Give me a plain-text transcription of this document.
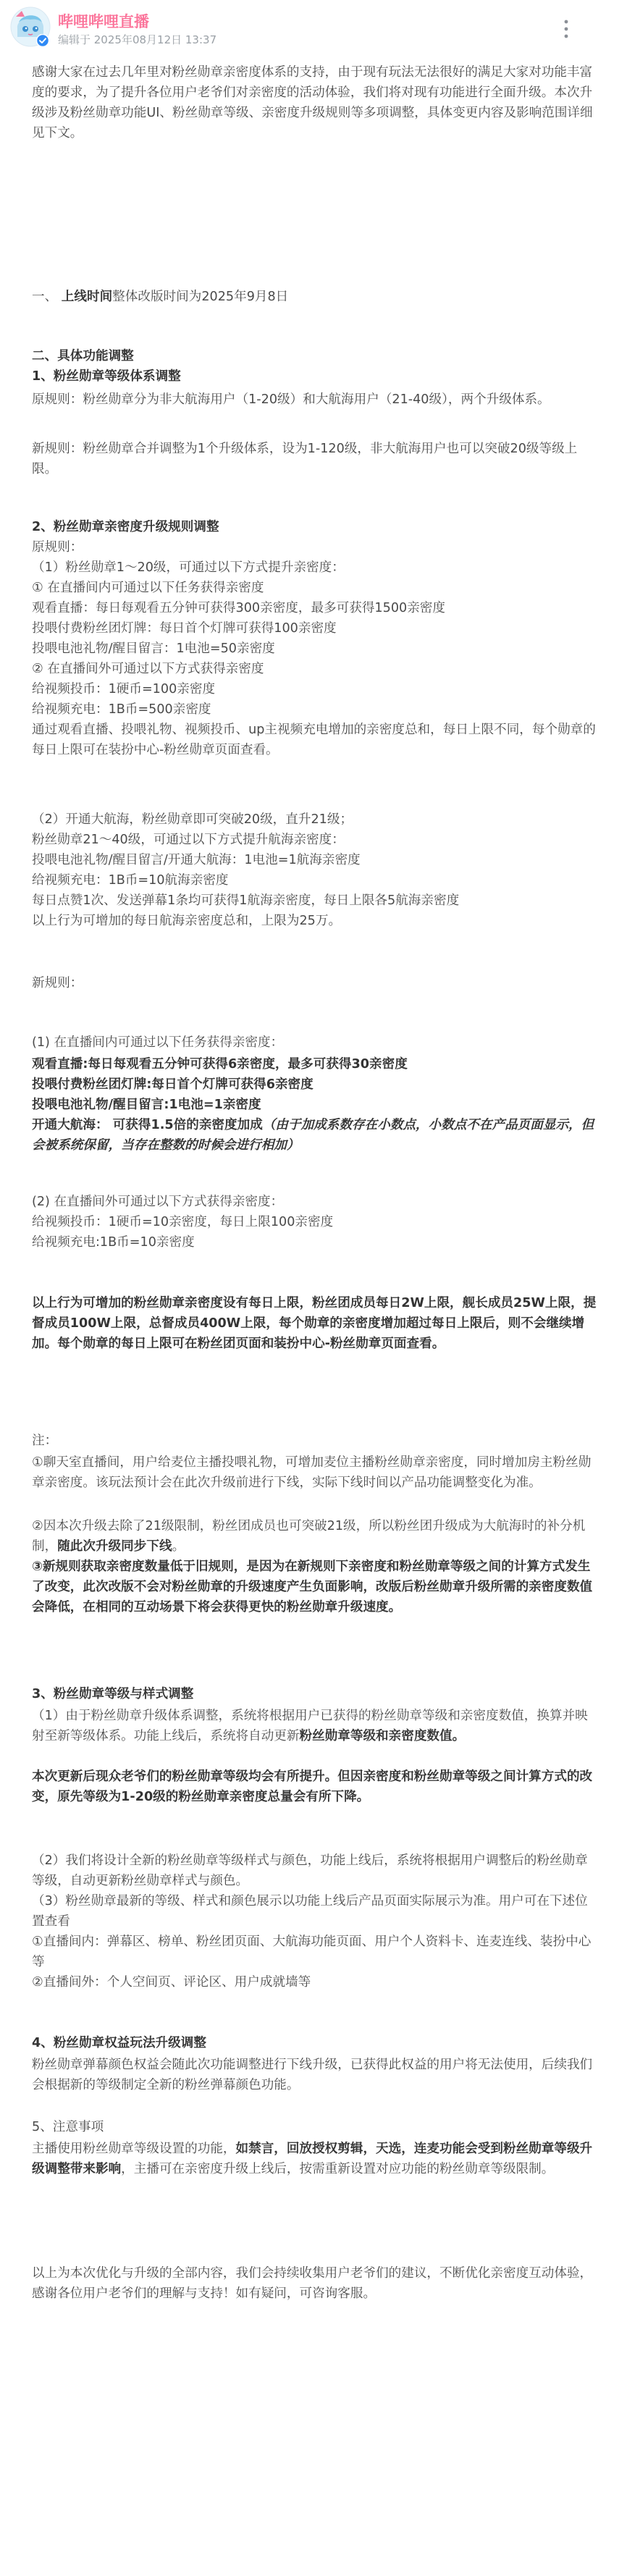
哔哩哔哩直播
编辑于 2025年08月12日 13:37

感谢大家在过去几年里对粉丝勋章亲密度体系的支持，由于现有玩法无法很好的满足大家对功能丰富度的要求，为了提升各位用户老爷们对亲密度的活动体验，我们将对现有功能进行全面升级。本次升级涉及粉丝勋章功能UI、粉丝勋章等级、亲密度升级规则等多项调整，具体变更内容及影响范围详细见下文。

一、 上线时间整体改版时间为2025年9月8日

二、具体功能调整

1、粉丝勋章等级体系调整

原规则：粉丝勋章分为非大航海用户（1-20级）和大航海用户（21-40级），两个升级体系。

新规则：粉丝勋章合并调整为1个升级体系，设为1-120级，非大航海用户也可以突破20级等级上限。

2、粉丝勋章亲密度升级规则调整

原规则：

（1）粉丝勋章1～20级，可通过以下方式提升亲密度：

① 在直播间内可通过以下任务获得亲密度

观看直播：每日每观看五分钟可获得300亲密度，最多可获得1500亲密度

投喂付费粉丝团灯牌：每日首个灯牌可获得100亲密度

投喂电池礼物/醒目留言：1电池=50亲密度

② 在直播间外可通过以下方式获得亲密度

给视频投币：1硬币=100亲密度

给视频充电：1B币=500亲密度

通过观看直播、投喂礼物、视频投币、up主视频充电增加的亲密度总和，每日上限不同，每个勋章的每日上限可在装扮中心-粉丝勋章页面查看。

（2）开通大航海，粉丝勋章即可突破20级，直升21级；

粉丝勋章21～40级，可通过以下方式提升航海亲密度：

投喂电池礼物/醒目留言/开通大航海：1电池=1航海亲密度

给视频充电：1B币=10航海亲密度

每日点赞1次、发送弹幕1条均可获得1航海亲密度，每日上限各5航海亲密度

以上行为可增加的每日航海亲密度总和，上限为25万。

新规则：

(1) 在直播间内可通过以下任务获得亲密度：

观看直播:每日每观看五分钟可获得6亲密度，最多可获得30亲密度

投喂付费粉丝团灯牌:每日首个灯牌可获得6亲密度

投喂电池礼物/醒目留言:1电池=1亲密度

开通大航海： 可获得1.5倍的亲密度加成（由于加成系数存在小数点，小数点不在产品页面显示，但会被系统保留，当存在整数的时候会进行相加）

(2) 在直播间外可通过以下方式获得亲密度：

给视频投币：1硬币=10亲密度，每日上限100亲密度

给视频充电:1B币=10亲密度

以上行为可增加的粉丝勋章亲密度设有每日上限，粉丝团成员每日2W上限，舰长成员25W上限，提督成员100W上限，总督成员400W上限，每个勋章的亲密度增加超过每日上限后，则不会继续增加。每个勋章的每日上限可在粉丝团页面和装扮中心-粉丝勋章页面查看。

注：

①聊天室直播间，用户给麦位主播投喂礼物，可增加麦位主播粉丝勋章亲密度，同时增加房主粉丝勋章亲密度。该玩法预计会在此次升级前进行下线，实际下线时间以产品功能调整变化为准。

②因本次升级去除了21级限制，粉丝团成员也可突破21级，所以粉丝团升级成为大航海时的补分机制，随此次升级同步下线。

③新规则获取亲密度数量低于旧规则，是因为在新规则下亲密度和粉丝勋章等级之间的计算方式发生了改变，此次改版不会对粉丝勋章的升级速度产生负面影响，改版后粉丝勋章升级所需的亲密度数值会降低，在相同的互动场景下将会获得更快的粉丝勋章升级速度。

3、粉丝勋章等级与样式调整

（1）由于粉丝勋章升级体系调整，系统将根据用户已获得的粉丝勋章等级和亲密度数值，换算并映射至新等级体系。功能上线后，系统将自动更新粉丝勋章等级和亲密度数值。

本次更新后现众老爷们的粉丝勋章等级均会有所提升。但因亲密度和粉丝勋章等级之间计算方式的改变，原先等级为1-20级的粉丝勋章亲密度总量会有所下降。

（2）我们将设计全新的粉丝勋章等级样式与颜色，功能上线后，系统将根据用户调整后的粉丝勋章等级，自动更新粉丝勋章样式与颜色。

（3）粉丝勋章最新的等级、样式和颜色展示以功能上线后产品页面实际展示为准。用户可在下述位置查看

①直播间内：弹幕区、榜单、粉丝团页面、大航海功能页面、用户个人资料卡、连麦连线、装扮中心等

②直播间外：个人空间页、评论区、用户成就墙等

4、粉丝勋章权益玩法升级调整

粉丝勋章弹幕颜色权益会随此次功能调整进行下线升级，已获得此权益的用户将无法使用，后续我们会根据新的等级制定全新的粉丝弹幕颜色功能。

5、注意事项

主播使用粉丝勋章等级设置的功能，如禁言，回放授权剪辑，天选，连麦功能会受到粉丝勋章等级升级调整带来影响，主播可在亲密度升级上线后，按需重新设置对应功能的粉丝勋章等级限制。

以上为本次优化与升级的全部内容，我们会持续收集用户老爷们的建议，不断优化亲密度互动体验，感谢各位用户老爷们的理解与支持！如有疑问，可咨询客服。
